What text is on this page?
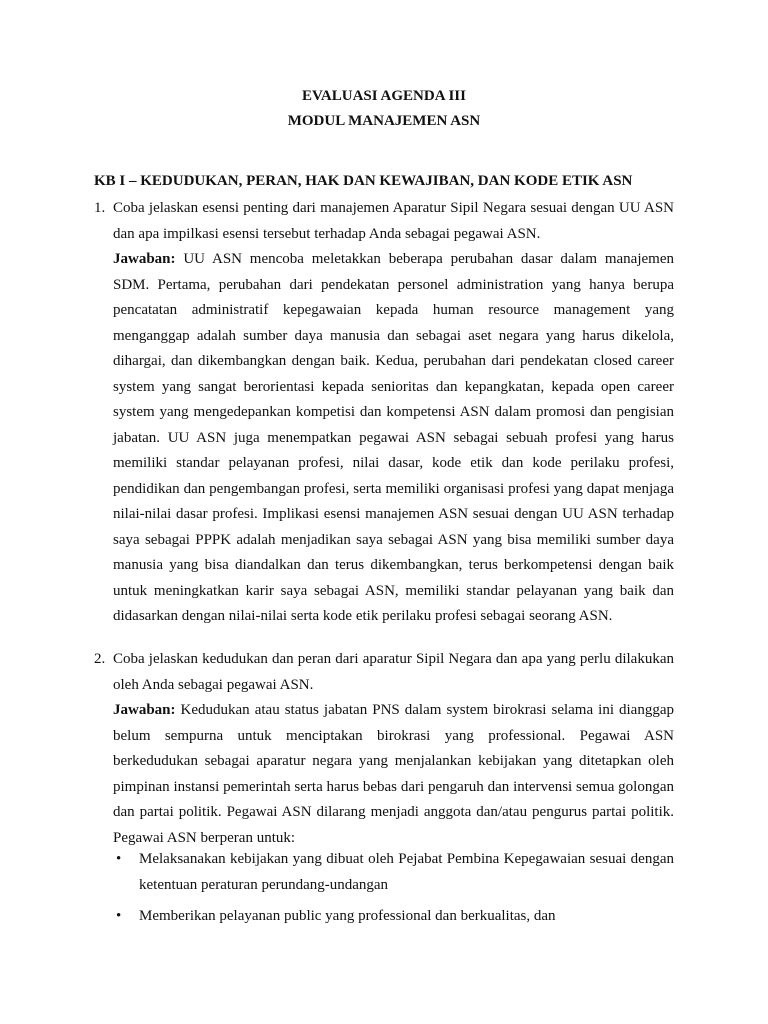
EVALUASI AGENDA III
MODUL MANAJEMEN ASN
KB I – KEDUDUKAN, PERAN, HAK DAN KEWAJIBAN, DAN KODE ETIK ASN
1. Coba jelaskan esensi penting dari manajemen Aparatur Sipil Negara sesuai dengan UU ASN dan apa impilkasi esensi tersebut terhadap Anda sebagai pegawai ASN.
Jawaban: UU ASN mencoba meletakkan beberapa perubahan dasar dalam manajemen SDM. Pertama, perubahan dari pendekatan personel administration yang hanya berupa pencatatan administratif kepegawaian kepada human resource management yang menganggap adalah sumber daya manusia dan sebagai aset negara yang harus dikelola, dihargai, dan dikembangkan dengan baik. Kedua, perubahan dari pendekatan closed career system yang sangat berorientasi kepada senioritas dan kepangkatan, kepada open career system yang mengedepankan kompetisi dan kompetensi ASN dalam promosi dan pengisian jabatan. UU ASN juga menempatkan pegawai ASN sebagai sebuah profesi yang harus memiliki standar pelayanan profesi, nilai dasar, kode etik dan kode perilaku profesi, pendidikan dan pengembangan profesi, serta memiliki organisasi profesi yang dapat menjaga nilai-nilai dasar profesi. Implikasi esensi manajemen ASN sesuai dengan UU ASN terhadap saya sebagai PPPK adalah menjadikan saya sebagai ASN yang bisa memiliki sumber daya manusia yang bisa diandalkan dan terus dikembangkan, terus berkompetensi dengan baik untuk meningkatkan karir saya sebagai ASN, memiliki standar pelayanan yang baik dan didasarkan dengan nilai-nilai serta kode etik perilaku profesi sebagai seorang ASN.
2. Coba jelaskan kedudukan dan peran dari aparatur Sipil Negara dan apa yang perlu dilakukan oleh Anda sebagai pegawai ASN.
Jawaban: Kedudukan atau status jabatan PNS dalam system birokrasi selama ini dianggap belum sempurna untuk menciptakan birokrasi yang professional. Pegawai ASN berkedudukan sebagai aparatur negara yang menjalankan kebijakan yang ditetapkan oleh pimpinan instansi pemerintah serta harus bebas dari pengaruh dan intervensi semua golongan dan partai politik. Pegawai ASN dilarang menjadi anggota dan/atau pengurus partai politik. Pegawai ASN berperan untuk:
• Melaksanakan kebijakan yang dibuat oleh Pejabat Pembina Kepegawaian sesuai dengan ketentuan peraturan perundang-undangan
• Memberikan pelayanan public yang professional dan berkualitas, dan
